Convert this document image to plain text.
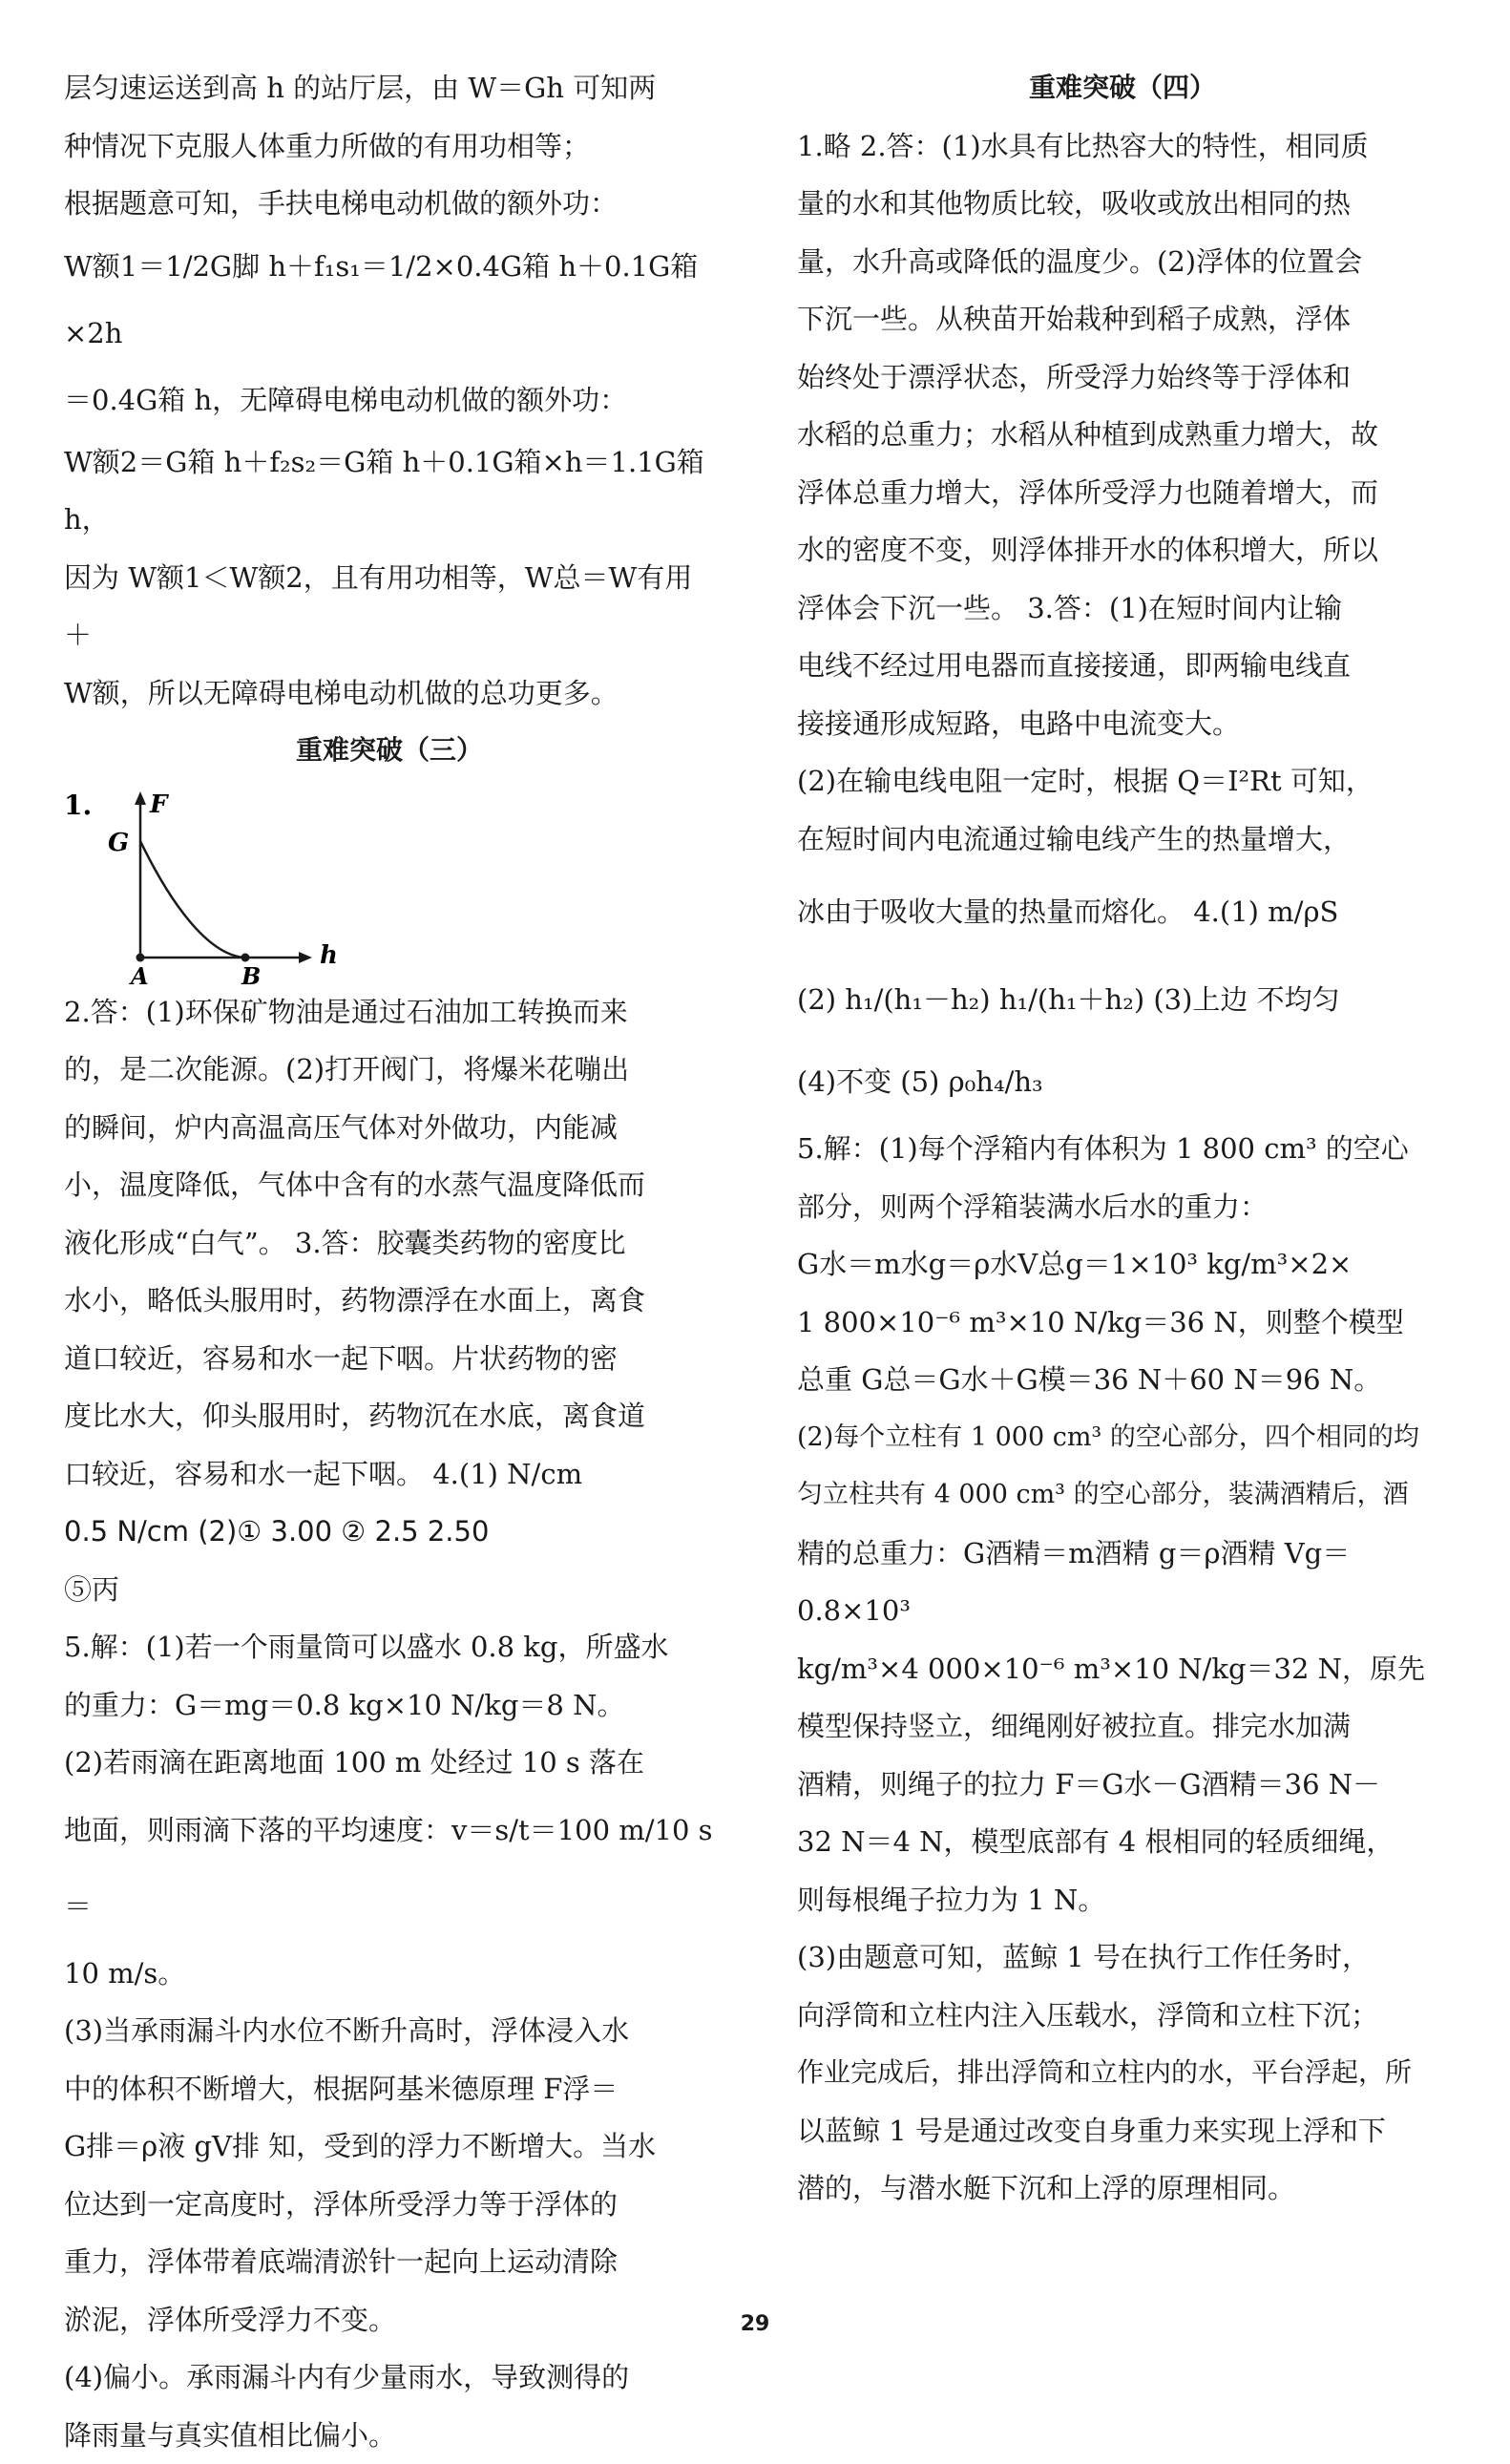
层匀速运送到高 h 的站厅层，由 W＝Gh 可知两

种情况下克服人体重力所做的有用功相等；

根据题意可知，手扶电梯电动机做的额外功：

W额1＝1/2G脚 h＋f₁s₁＝1/2×0.4G箱 h＋0.1G箱×2h

＝0.4G箱 h，无障碍电梯电动机做的额外功：

W额2＝G箱 h＋f₂s₂＝G箱 h＋0.1G箱×h＝1.1G箱 h，

因为 W额1＜W额2，且有用功相等，W总＝W有用＋

W额，所以无障碍电梯电动机做的总功更多。

重难突破（三）

1. F
h
G
A	B

2.答：(1)环保矿物油是通过石油加工转换而来

的，是二次能源。(2)打开阀门，将爆米花嘣出

的瞬间，炉内高温高压气体对外做功，内能减

小，温度降低，气体中含有的水蒸气温度降低而

液化形成“白气”。 3.答：胶囊类药物的密度比

水小，略低头服用时，药物漂浮在水面上，离食

道口较近，容易和水一起下咽。片状药物的密

度比水大，仰头服用时，药物沉在水底，离食道

口较近，容易和水一起下咽。 4.(1) N/cm

0.5 N/cm (2)① 3.00 ② 2.5 2.50

⑤丙

5.解：(1)若一个雨量筒可以盛水 0.8 kg，所盛水

的重力：G＝mg＝0.8 kg×10 N/kg＝8 N。

(2)若雨滴在距离地面 100 m 处经过 10 s 落在

地面，则雨滴下落的平均速度：v＝s/t＝100 m/10 s＝

10 m/s。

(3)当承雨漏斗内水位不断升高时，浮体浸入水

中的体积不断增大，根据阿基米德原理 F浮＝

G排＝ρ液 gV排 知，受到的浮力不断增大。当水

位达到一定高度时，浮体所受浮力等于浮体的

重力，浮体带着底端清淤针一起向上运动清除

淤泥，浮体所受浮力不变。

(4)偏小。承雨漏斗内有少量雨水，导致测得的

降雨量与真实值相比偏小。

重难突破（四）

1.略 2.答：(1)水具有比热容大的特性，相同质

量的水和其他物质比较，吸收或放出相同的热

量，水升高或降低的温度少。(2)浮体的位置会

下沉一些。从秧苗开始栽种到稻子成熟，浮体

始终处于漂浮状态，所受浮力始终等于浮体和

水稻的总重力；水稻从种植到成熟重力增大，故

浮体总重力增大，浮体所受浮力也随着增大，而

水的密度不变，则浮体排开水的体积增大，所以

浮体会下沉一些。 3.答：(1)在短时间内让输

电线不经过用电器而直接接通，即两输电线直

接接通形成短路，电路中电流变大。

(2)在输电线电阻一定时，根据 Q＝I²Rt 可知，

在短时间内电流通过输电线产生的热量增大，

冰由于吸收大量的热量而熔化。 4.(1) m/ρS

(2) h₁/(h₁－h₂) h₁/(h₁＋h₂) (3)上边 不均匀

(4)不变 (5) ρ₀h₄/h₃

5.解：(1)每个浮箱内有体积为 1 800 cm³ 的空心

部分，则两个浮箱装满水后水的重力：

G水＝m水g＝ρ水V总g＝1×10³ kg/m³×2×

1 800×10⁻⁶ m³×10 N/kg＝36 N，则整个模型

总重 G总＝G水＋G模＝36 N＋60 N＝96 N。

(2)每个立柱有 1 000 cm³ 的空心部分，四个相同的均

匀立柱共有 4 000 cm³ 的空心部分，装满酒精后，酒

精的总重力：G酒精＝m酒精 g＝ρ酒精 Vg＝0.8×10³

kg/m³×4 000×10⁻⁶ m³×10 N/kg＝32 N，原先

模型保持竖立，细绳刚好被拉直。排完水加满

酒精，则绳子的拉力 F＝G水－G酒精＝36 N－

32 N＝4 N，模型底部有 4 根相同的轻质细绳，

则每根绳子拉力为 1 N。

(3)由题意可知，蓝鲸 1 号在执行工作任务时，

向浮筒和立柱内注入压载水，浮筒和立柱下沉；

作业完成后，排出浮筒和立柱内的水，平台浮起，所

以蓝鲸 1 号是通过改变自身重力来实现上浮和下

潜的，与潜水艇下沉和上浮的原理相同。

29
